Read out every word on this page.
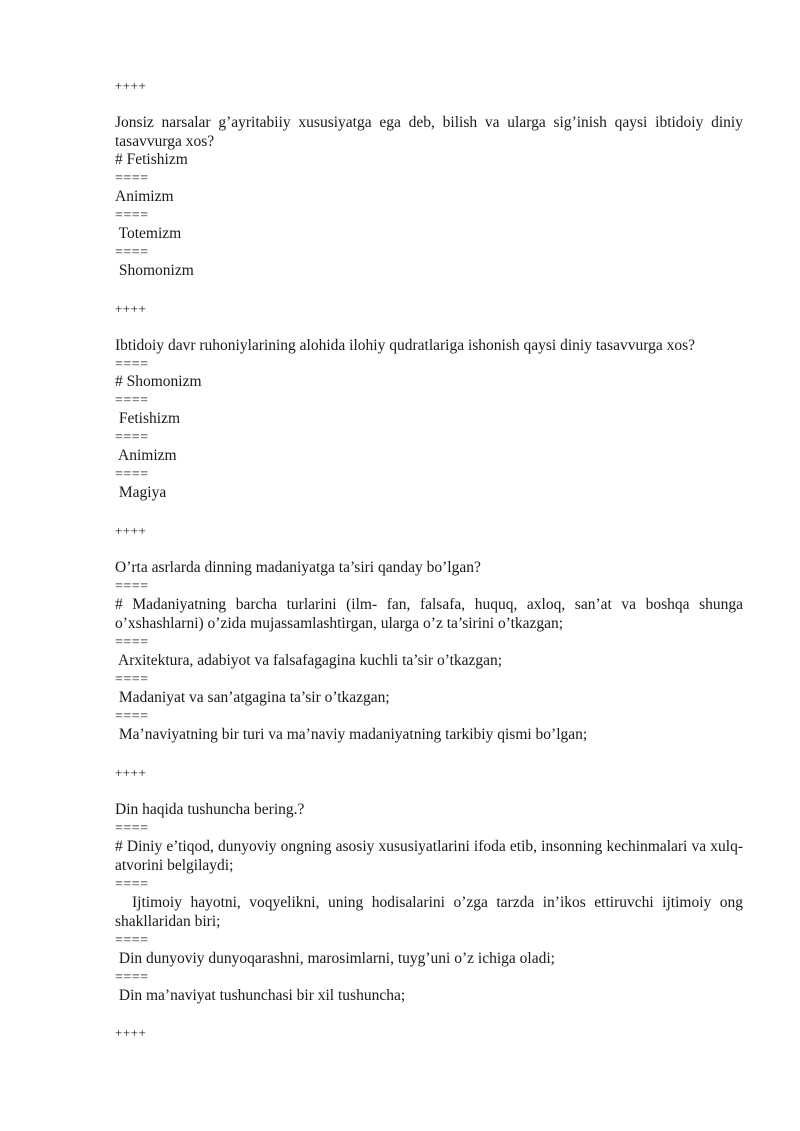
++++
Jonsiz narsalar g’ayritabiiy xususiyatga ega deb, bilish va ularga sig’inish qaysi ibtidoiy diniy tasavvurga xos?
# Fetishizm
====
Animizm
====
Totemizm
====
Shomonizm
++++
Ibtidoiy davr ruhoniylarining alohida ilohiy qudratlariga ishonish qaysi diniy tasavvurga xos?
====
# Shomonizm
====
Fetishizm
====
Animizm
====
Magiya
++++
O’rta asrlarda dinning madaniyatga ta’siri qanday bo’lgan?
====
# Madaniyatning barcha turlarini (ilm- fan, falsafa, huquq, axloq, san’at va boshqa shunga o’xshashlarni) o’zida mujassamlashtirgan, ularga o’z ta’sirini o’tkazgan;
====
Arxitektura, adabiyot va falsafagagina kuchli ta’sir o’tkazgan;
====
Madaniyat va san’atgagina ta’sir o’tkazgan;
====
Ma’naviyatning bir turi va ma’naviy madaniyatning tarkibiy qismi bo’lgan;
++++
Din haqida tushuncha bering.?
====
# Diniy e’tiqod, dunyoviy ongning asosiy xususiyatlarini ifoda etib, insonning kechinmalari va xulq- atvorini belgilaydi;
====
Ijtimoiy hayotni, voqyelikni, uning hodisalarini o’zga tarzda in’ikos ettiruvchi ijtimoiy ong shakllaridan biri;
====
Din dunyoviy dunyoqarashni, marosimlarni, tuyg’uni o’z ichiga oladi;
====
Din ma’naviyat tushunchasi bir xil tushuncha;
++++
